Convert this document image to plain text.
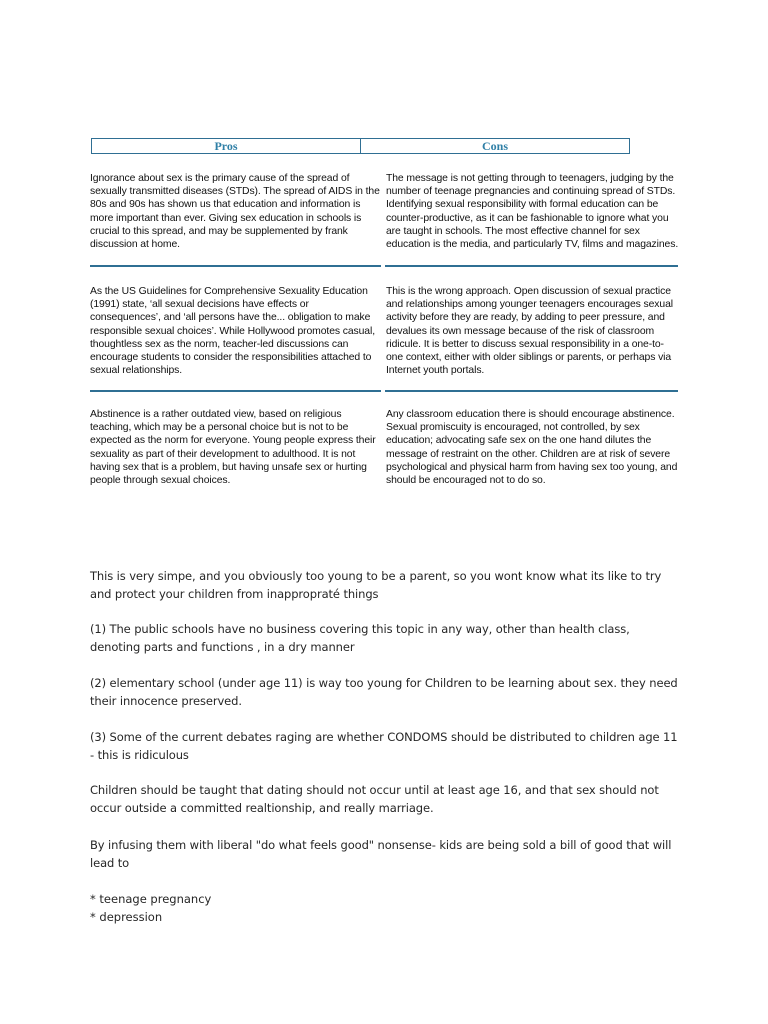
Pros	Cons
Ignorance about sex is the primary cause of the spread of sexually transmitted diseases (STDs). The spread of AIDS in the 80s and 90s has shown us that education and information is more important than ever. Giving sex education in schools is crucial to this spread, and may be supplemented by frank discussion at home.
The message is not getting through to teenagers, judging by the number of teenage pregnancies and continuing spread of STDs. Identifying sexual responsibility with formal education can be counter-productive, as it can be fashionable to ignore what you are taught in schools. The most effective channel for sex education is the media, and particularly TV, films and magazines.
As the US Guidelines for Comprehensive Sexuality Education (1991) state, ‘all sexual decisions have effects or consequences’, and ‘all persons have the... obligation to make responsible sexual choices’. While Hollywood promotes casual, thoughtless sex as the norm, teacher-led discussions can encourage students to consider the responsibilities attached to sexual relationships.
This is the wrong approach. Open discussion of sexual practice and relationships among younger teenagers encourages sexual activity before they are ready, by adding to peer pressure, and devalues its own message because of the risk of classroom ridicule. It is better to discuss sexual responsibility in a one-to-one context, either with older siblings or parents, or perhaps via Internet youth portals.
Abstinence is a rather outdated view, based on religious teaching, which may be a personal choice but is not to be expected as the norm for everyone. Young people express their sexuality as part of their development to adulthood. It is not having sex that is a problem, but having unsafe sex or hurting people through sexual choices.
Any classroom education there is should encourage abstinence. Sexual promiscuity is encouraged, not controlled, by sex education; advocating safe sex on the one hand dilutes the message of restraint on the other. Children are at risk of severe psychological and physical harm from having sex too young, and should be encouraged not to do so.
This is very simpe, and you obviously too young to be a parent, so you wont know what its like to try and protect your children from inappropraté things
(1) The public schools have no business covering this topic in any way, other than health class, denoting parts and functions , in a dry manner
(2) elementary school (under age 11) is way too young for Children to be learning about sex. they need their innocence preserved.
(3) Some of the current debates raging are whether CONDOMS should be distributed to children age 11 - this is ridiculous
Children should be taught that dating should not occur until at least age 16, and that sex should not occur outside a committed realtionship, and really marriage.
By infusing them with liberal "do what feels good" nonsense- kids are being sold a bill of good that will lead to
* teenage pregnancy
* depression
